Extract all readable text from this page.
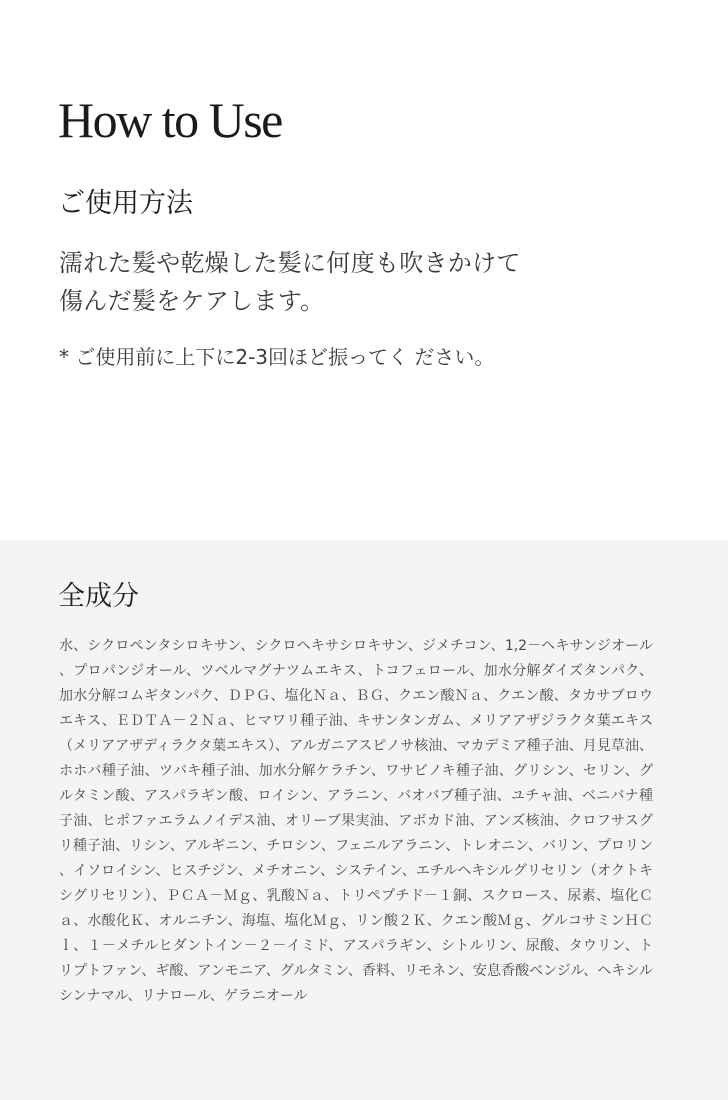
How to Use
ご使用方法
濡れた髪や乾燥した髪に何度も吹きかけて
傷んだ髪をケアします。
* ご使用前に上下に2-3回ほど振ってく ださい。
全成分

水、シクロペンタシロキサン、シクロヘキサシロキサン、ジメチコン、1,2－ヘキサンジオール、プロパンジオール、ツベルマグナツムエキス、トコフェロール、加水分解ダイズタンパク、加水分解コムギタンパク、ＤＰＧ、塩化Ｎａ、ＢＧ、クエン酸Ｎａ、クエン酸、タカサブロウエキス、ＥＤＴＡ－２Ｎａ、ヒマワリ種子油、キサンタンガム、メリアアザジラクタ葉エキス（メリアアザディラクタ葉エキス）、アルガニアスピノサ核油、マカデミア種子油、月見草油、ホホバ種子油、ツバキ種子油、加水分解ケラチン、ワサビノキ種子油、グリシン、セリン、グルタミン酸、アスパラギン酸、ロイシン、アラニン、バオバブ種子油、ユチャ油、ベニバナ種子油、ヒポファエラムノイデス油、オリーブ果実油、アボカド油、アンズ核油、クロフサスグリ種子油、リシン、アルギニン、チロシン、フェニルアラニン、トレオニン、バリン、プロリン、イソロイシン、ヒスチジン、メチオニン、システイン、エチルヘキシルグリセリン（オクトキシグリセリン）、ＰＣＡ－Ｍｇ、乳酸Ｎａ、トリペプチド－１銅、スクロース、尿素、塩化Ｃａ、水酸化Ｋ、オルニチン、海塩、塩化Ｍｇ、リン酸２Ｋ、クエン酸Ｍｇ、グルコサミンＨＣｌ、１－メチルヒダントイン－２－イミド、アスパラギン、シトルリン、尿酸、タウリン、トリプトファン、ギ酸、アンモニア、グルタミン、香料、リモネン、安息香酸ベンジル、ヘキシルシンナマル、リナロール、ゲラニオール
